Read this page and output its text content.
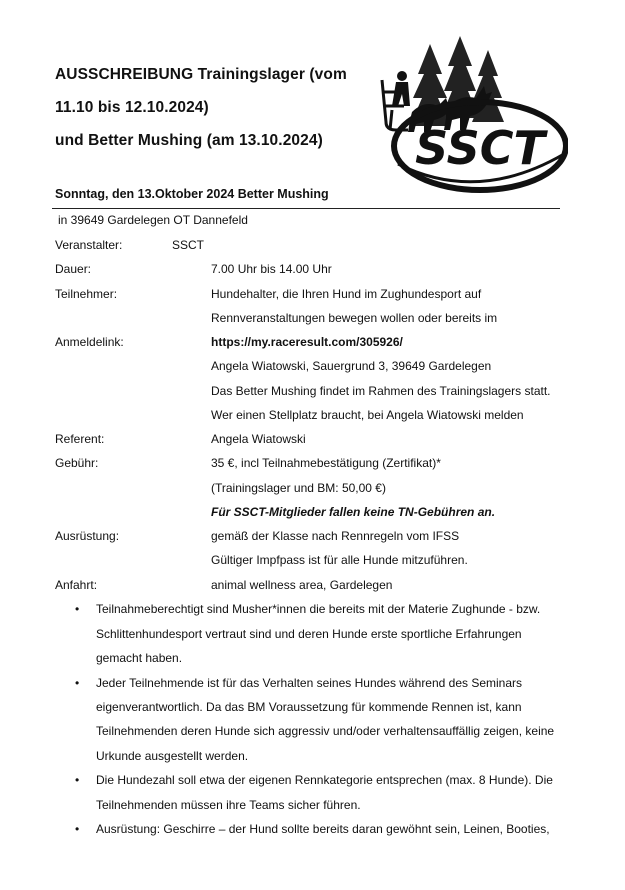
AUSSCHREIBUNG Trainingslager (vom
11.10 bis 12.10.2024)
und Better Mushing (am 13.10.2024) SSCT
Sonntag, den 13.Oktober 2024 Better Mushing
in 39649 Gardelegen OT Dannefeld
Veranstalter:	SSCT
Dauer:	7.00 Uhr bis 14.00 Uhr
Teilnehmer:	Hundehalter, die Ihren Hund im Zughundesport auf
Rennveranstaltungen bewegen wollen oder bereits im
Anmeldelink:	https://my.raceresult.com/305926/
Angela Wiatowski, Sauergrund 3, 39649 Gardelegen
Das Better Mushing findet im Rahmen des Trainingslagers statt.
Wer einen Stellplatz braucht, bei Angela Wiatowski melden
Referent:	Angela Wiatowski
Gebühr:	35 €, incl Teilnahmebestätigung (Zertifikat)*
(Trainingslager und BM: 50,00 €)
Für SSCT-Mitglieder fallen keine TN-Gebühren an.
Ausrüstung:	gemäß der Klasse nach Rennregeln vom IFSS
Gültiger Impfpass ist für alle Hunde mitzuführen.
Anfahrt:	animal wellness area, Gardelegen
• Teilnahmeberechtigt sind Musher*innen die bereits mit der Materie Zughunde - bzw.
Schlittenhundesport vertraut sind und deren Hunde erste sportliche Erfahrungen
gemacht haben.
• Jeder Teilnehmende ist für das Verhalten seines Hundes während des Seminars
eigenverantwortlich. Da das BM Voraussetzung für kommende Rennen ist, kann
Teilnehmenden deren Hunde sich aggressiv und/oder verhaltensauffällig zeigen, keine
Urkunde ausgestellt werden.
• Die Hundezahl soll etwa der eigenen Rennkategorie entsprechen (max. 8 Hunde). Die
Teilnehmenden müssen ihre Teams sicher führen.
• Ausrüstung: Geschirre – der Hund sollte bereits daran gewöhnt sein, Leinen, Booties,
